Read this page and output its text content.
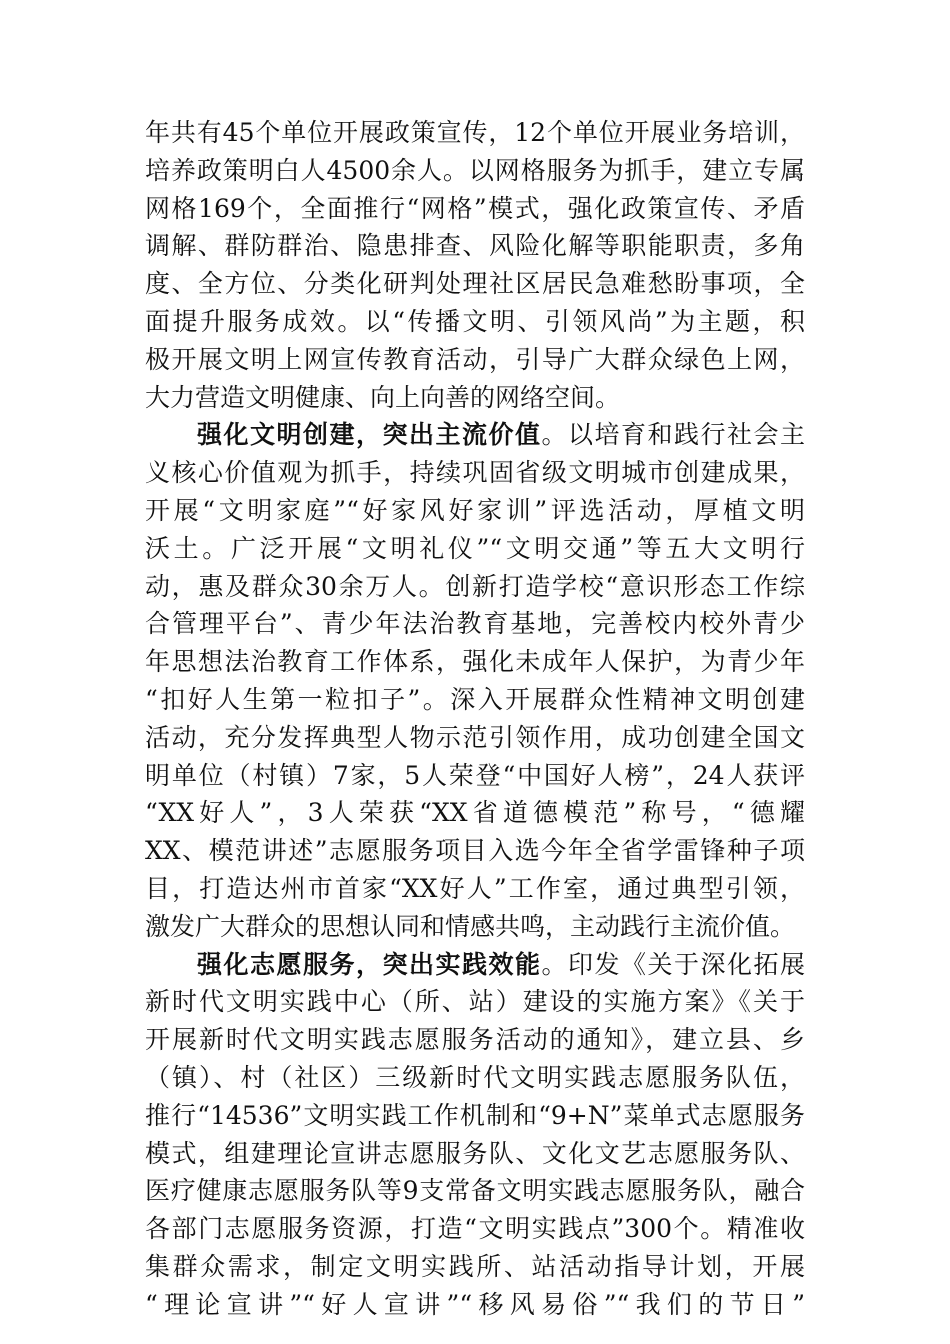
年共有45个单位开展政策宣传，12个单位开展业务培训，
培养政策明白人4500余人。以网格服务为抓手，建立专属
网格169个，全面推行“网格”模式，强化政策宣传、矛盾
调解、群防群治、隐患排查、风险化解等职能职责，多角
度、全方位、分类化研判处理社区居民急难愁盼事项，全
面提升服务成效。以“传播文明、引领风尚”为主题，积
极开展文明上网宣传教育活动，引导广大群众绿色上网，
大力营造文明健康、向上向善的网络空间。
强化文明创建，突出主流价值。以培育和践行社会主
义核心价值观为抓手，持续巩固省级文明城市创建成果，
开展“文明家庭”“好家风好家训”评选活动，厚植文明
沃土。广泛开展“文明礼仪”“文明交通”等五大文明行
动，惠及群众30余万人。创新打造学校“意识形态工作综
合管理平台”、青少年法治教育基地，完善校内校外青少
年思想法治教育工作体系，强化未成年人保护，为青少年
“扣好人生第一粒扣子”。深入开展群众性精神文明创建
活动，充分发挥典型人物示范引领作用，成功创建全国文
明单位（村镇）7家，5人荣登“中国好人榜”，24人获评
“XX好人”，3人荣获“XX省道德模范”称号，“德耀
XX、模范讲述”志愿服务项目入选今年全省学雷锋种子项
目，打造达州市首家“XX好人”工作室，通过典型引领，
激发广大群众的思想认同和情感共鸣，主动践行主流价值。
强化志愿服务，突出实践效能。印发《关于深化拓展
新时代文明实践中心（所、站）建设的实施方案》《关于
开展新时代文明实践志愿服务活动的通知》，建立县、乡
（镇）、村（社区）三级新时代文明实践志愿服务队伍，
推行“14536”文明实践工作机制和“9+N”菜单式志愿服务
模式，组建理论宣讲志愿服务队、文化文艺志愿服务队、
医疗健康志愿服务队等9支常备文明实践志愿服务队，融合
各部门志愿服务资源，打造“文明实践点”300个。精准收
集群众需求，制定文明实践所、站活动指导计划，开展
“理论宣讲”“好人宣讲”“移风易俗”“我们的节日”
